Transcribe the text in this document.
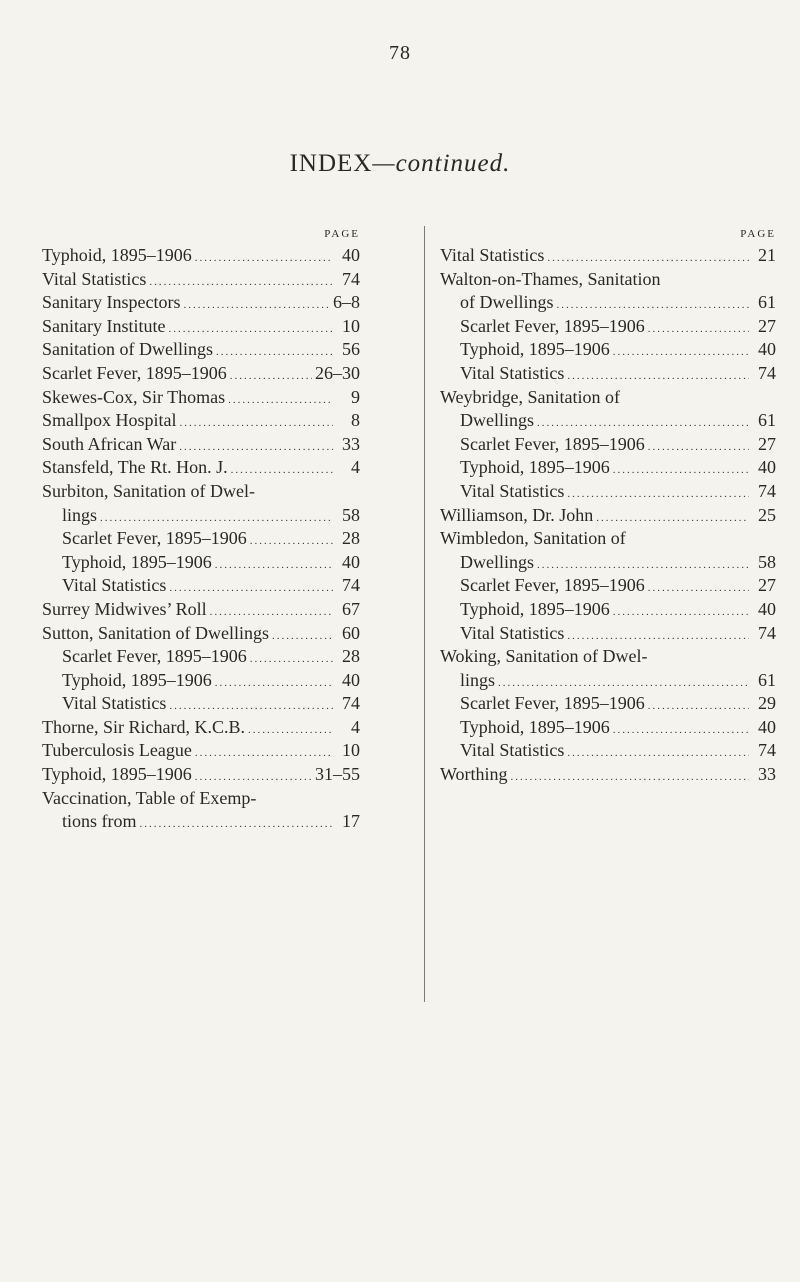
78
INDEX—continued.
PAGE
Typhoid, 1895–1906 .....	40
Vital Statistics .....	74
Sanitary Inspectors .....	6–8
Sanitary Institute .....	10
Sanitation of Dwellings .....	56
Scarlet Fever, 1895–1906 .....	26–30
Skewes-Cox, Sir Thomas .....	9
Smallpox Hospital .....	8
South African War .....	33
Stansfeld, The Rt. Hon. J. .....	4
Surbiton, Sanitation of Dwel-
lings .....	58
Scarlet Fever, 1895–1906 .....	28
Typhoid, 1895–1906 .....	40
Vital Statistics .....	74
Surrey Midwives’ Roll .....	67
Sutton, Sanitation of Dwellings .....	60
Scarlet Fever, 1895–1906 .....	28
Typhoid, 1895–1906 .....	40
Vital Statistics .....	74
Thorne, Sir Richard, K.C.B. .....	4
Tuberculosis League .....	10
Typhoid, 1895–1906 .....	31–55
Vaccination, Table of Exemp-
tions from .....	17
PAGE
Vital Statistics .....	21
Walton-on-Thames, Sanitation
of Dwellings .....	61
Scarlet Fever, 1895–1906 .....	27
Typhoid, 1895–1906 .....	40
Vital Statistics .....	74
Weybridge, Sanitation of
Dwellings .....	61
Scarlet Fever, 1895–1906 .....	27
Typhoid, 1895–1906 .....	40
Vital Statistics .....	74
Williamson, Dr. John .....	25
Wimbledon, Sanitation of
Dwellings .....	58
Scarlet Fever, 1895–1906 .....	27
Typhoid, 1895–1906 .....	40
Vital Statistics .....	74
Woking, Sanitation of Dwel-
lings .....	61
Scarlet Fever, 1895–1906 .....	29
Typhoid, 1895–1906 .....	40
Vital Statistics .....	74
Worthing .....	33
